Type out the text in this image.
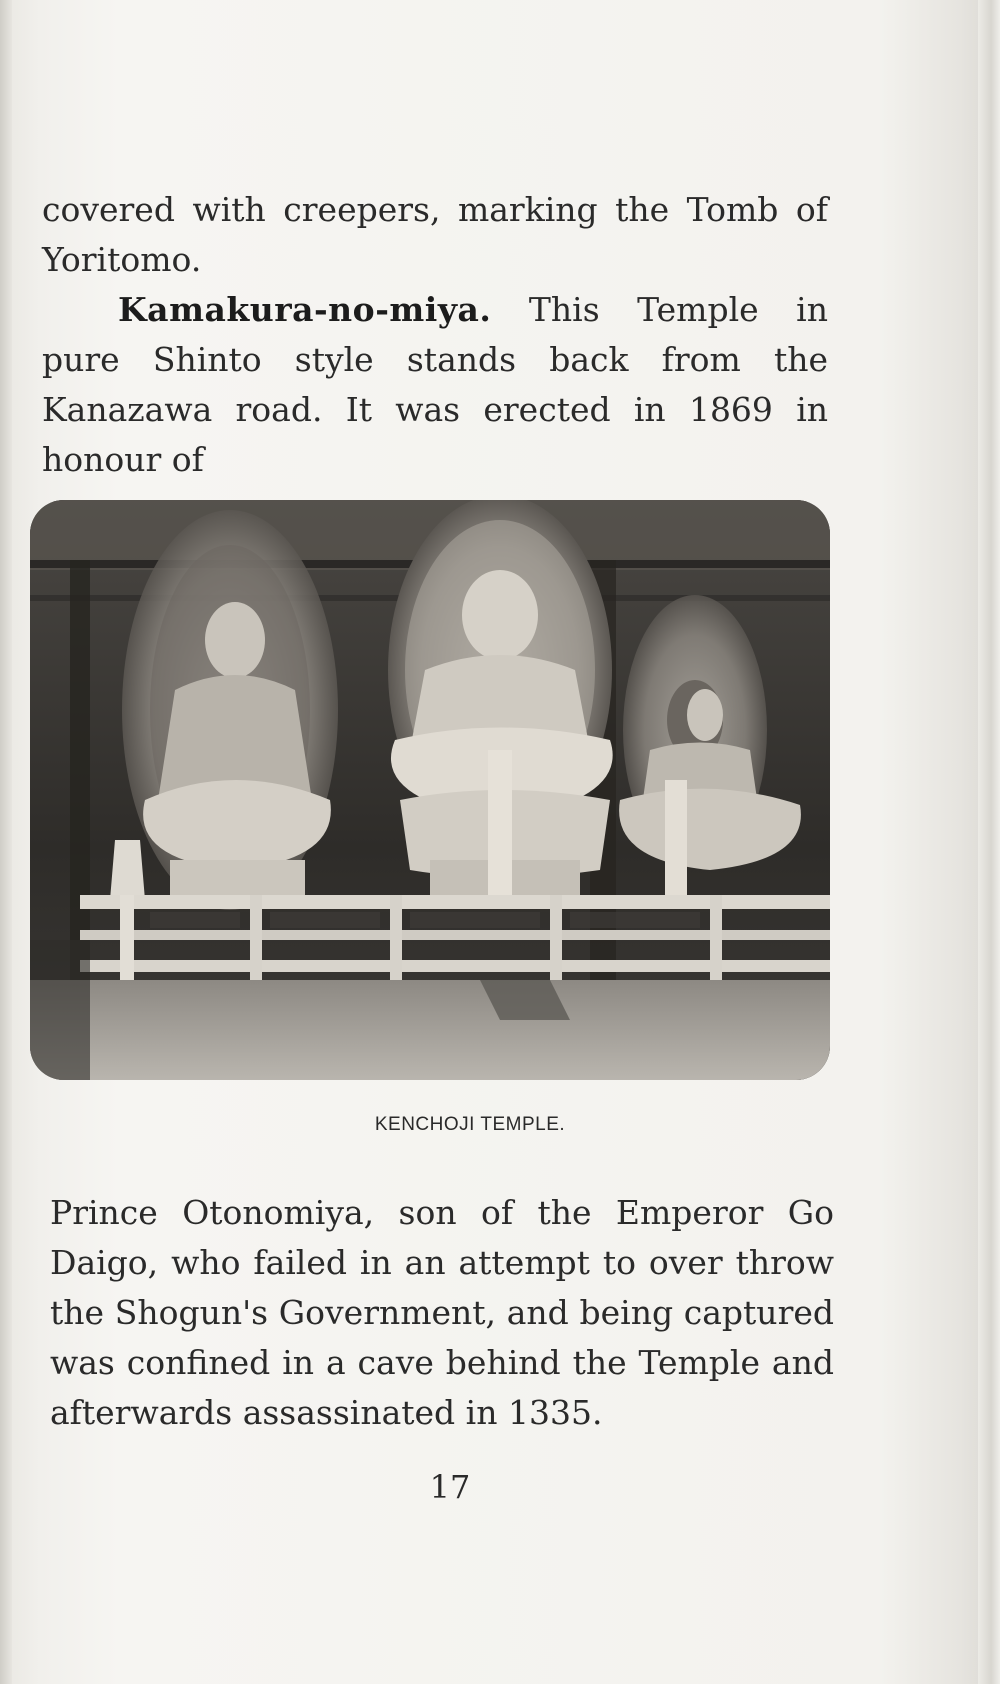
covered with creepers, marking the Tomb of Yoritomo.

Kamakura-no-miya. This Temple in pure Shinto style stands back from the Kanazawa road. It was erected in 1869 in honour of

KENCHOJI TEMPLE.

Prince Otonomiya, son of the Emperor Go Daigo, who failed in an attempt to over throw the Shogun's Government, and being captured was confined in a cave behind the Temple and afterwards assassinated in 1335.

17
